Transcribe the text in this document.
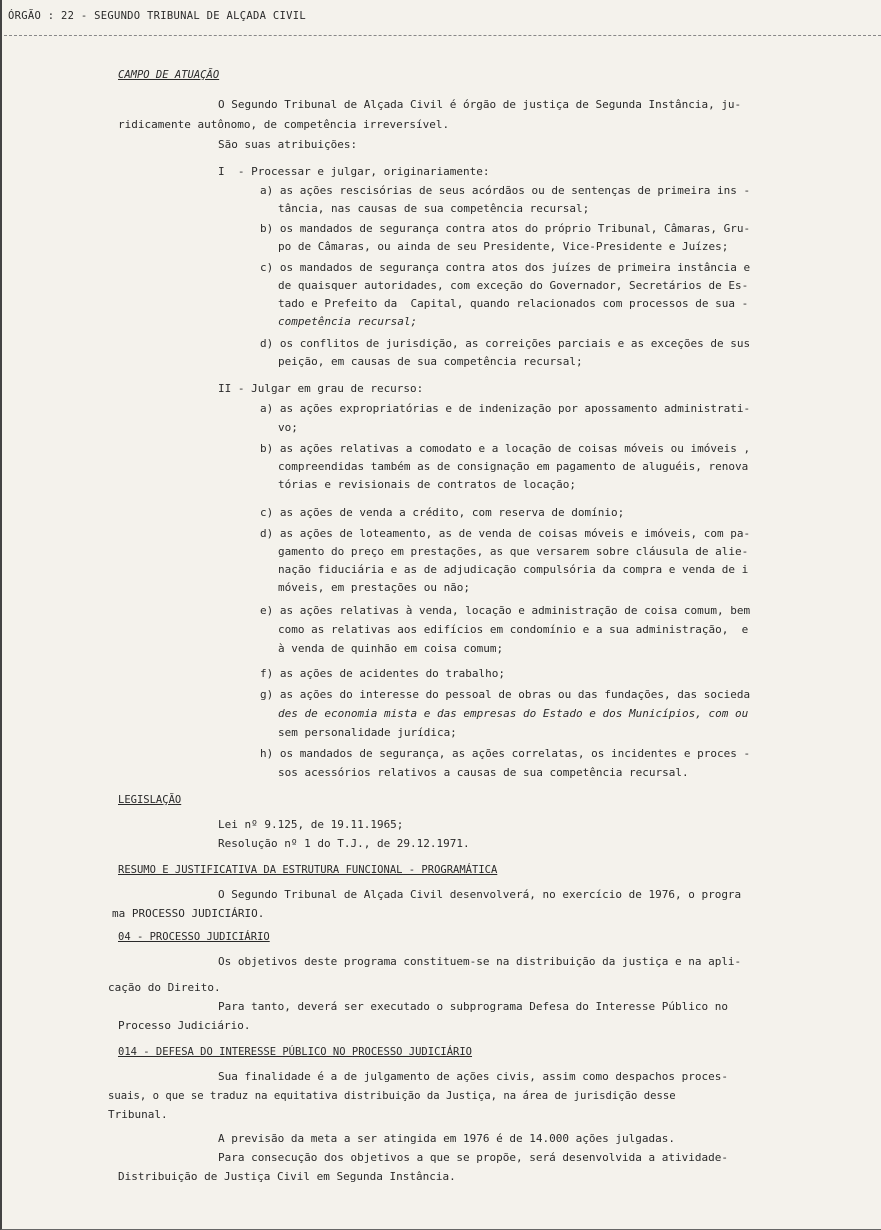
ÓRGÃO : 22 - SEGUNDO TRIBUNAL DE ALÇADA CIVIL
CAMPO DE ATUAÇÃO
O Segundo Tribunal de Alçada Civil é órgão de justiça de Segunda Instância, ju-
ridicamente autônomo, de competência irreversível.
São suas atribuições:
I  - Processar e julgar, originariamente:
a) as ações rescisórias de seus acórdãos ou de sentenças de primeira ins -
tância, nas causas de sua competência recursal;
b) os mandados de segurança contra atos do próprio Tribunal, Câmaras, Gru-
po de Câmaras, ou ainda de seu Presidente, Vice-Presidente e Juízes;
c) os mandados de segurança contra atos dos juízes de primeira instância e
de quaisquer autoridades, com exceção do Governador, Secretários de Es-
tado e Prefeito da  Capital, quando relacionados com processos de sua -
competência recursal;
d) os conflitos de jurisdição, as correições parciais e as exceções de sus
peição, em causas de sua competência recursal;
II - Julgar em grau de recurso:
a) as ações expropriatórias e de indenização por apossamento administrati-
vo;
b) as ações relativas a comodato e a locação de coisas móveis ou imóveis ,
compreendidas também as de consignação em pagamento de aluguéis, renova
tórias e revisionais de contratos de locação;
c) as ações de venda a crédito, com reserva de domínio;
d) as ações de loteamento, as de venda de coisas móveis e imóveis, com pa-
gamento do preço em prestações, as que versarem sobre cláusula de alie-
nação fiduciária e as de adjudicação compulsória da compra e venda de i
móveis, em prestações ou não;
e) as ações relativas à venda, locação e administração de coisa comum, bem
como as relativas aos edifícios em condomínio e a sua administração,  e
à venda de quinhão em coisa comum;
f) as ações de acidentes do trabalho;
g) as ações do interesse do pessoal de obras ou das fundações, das socieda
des de economia mista e das empresas do Estado e dos Municípios, com ou
sem personalidade jurídica;
h) os mandados de segurança, as ações correlatas, os incidentes e proces -
sos acessórios relativos a causas de sua competência recursal.
LEGISLAÇÃO
Lei nº 9.125, de 19.11.1965;
Resolução nº 1 do T.J., de 29.12.1971.
RESUMO E JUSTIFICATIVA DA ESTRUTURA FUNCIONAL - PROGRAMÁTICA
O Segundo Tribunal de Alçada Civil desenvolverá, no exercício de 1976, o progra
ma PROCESSO JUDICIÁRIO.
04 - PROCESSO JUDICIÁRIO
Os objetivos deste programa constituem-se na distribuição da justiça e na apli-
cação do Direito.
Para tanto, deverá ser executado o subprograma Defesa do Interesse Público no
Processo Judiciário.
014 - DEFESA DO INTERESSE PÚBLICO NO PROCESSO JUDICIÁRIO
Sua finalidade é a de julgamento de ações civis, assim como despachos proces-
suais, o que se traduz na equitativa distribuição da Justiça, na área de jurisdição desse
Tribunal.
A previsão da meta a ser atingida em 1976 é de 14.000 ações julgadas.
Para consecução dos objetivos a que se propõe, será desenvolvida a atividade-
Distribuição de Justiça Civil em Segunda Instância.
